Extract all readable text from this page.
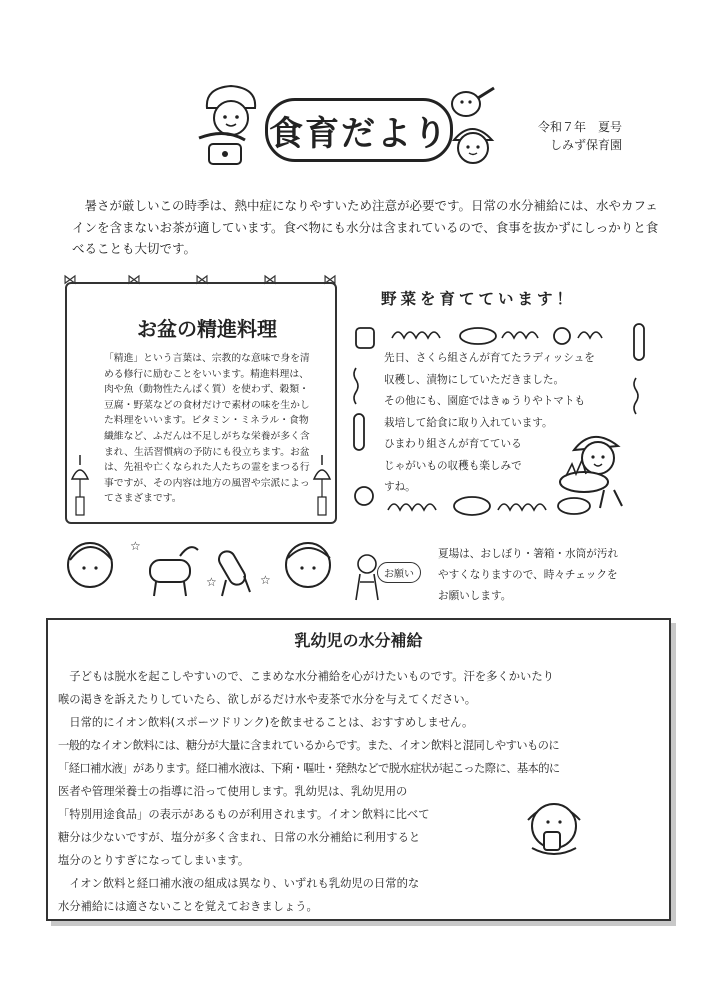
食育だより	令和７年　夏号
しみず保育園
暑さが厳しいこの時季は、熱中症になりやすいため注意が必要です。日常の水分補給には、水やカフェインを含まないお茶が適しています。食べ物にも水分は含まれているので、食事を抜かずにしっかりと食べることも大切です。
⋈	⋈	⋈	⋈	⋈
お盆の精進料理
「精進」という言葉は、宗教的な意味で身を清める修行に励むことをいいます。精進料理は、肉や魚（動物性たんぱく質）を使わず、穀類・豆腐・野菜などの食材だけで素材の味を生かした料理をいいます。ビタミン・ミネラル・食物繊維など、ふだんは不足しがちな栄養が多く含まれ、生活習慣病の予防にも役立ちます。お盆は、先祖や亡くなられた人たちの霊をまつる行事ですが、その内容は地方の風習や宗派によってさまざまです。
☆
☆	☆
野菜を育てています！
先日、さくら組さんが育てたラディッシュを
収穫し、漬物にしていただきました。
その他にも、園庭ではきゅうりやトマトも
栽培して給食に取り入れています。
ひまわり組さんが育てている
じゃがいもの収穫も楽しみで
すね。
お願い
夏場は、おしぼり・箸箱・水筒が汚れ
やすくなりますので、時々チェックを
お願いします。
乳幼児の水分補給
　子どもは脱水を起こしやすいので、こまめな水分補給を心がけたいものです。汗を多くかいたり
喉の渇きを訴えたりしていたら、欲しがるだけ水や麦茶で水分を与えてください。
　日常的にイオン飲料(スポーツドリンク)を飲ませることは、おすすめしません。
一般的なイオン飲料には、糖分が大量に含まれているからです。また、イオン飲料と混同しやすいものに
「経口補水液」があります。経口補水液は、下痢・嘔吐・発熱などで脱水症状が起こった際に、基本的に
医者や管理栄養士の指導に沿って使用します。乳幼児は、乳幼児用の
「特別用途食品」の表示があるものが利用されます。イオン飲料に比べて
糖分は少ないですが、塩分が多く含まれ、日常の水分補給に利用すると
塩分のとりすぎになってしまいます。
　イオン飲料と経口補水液の組成は異なり、いずれも乳幼児の日常的な
水分補給には適さないことを覚えておきましょう。
